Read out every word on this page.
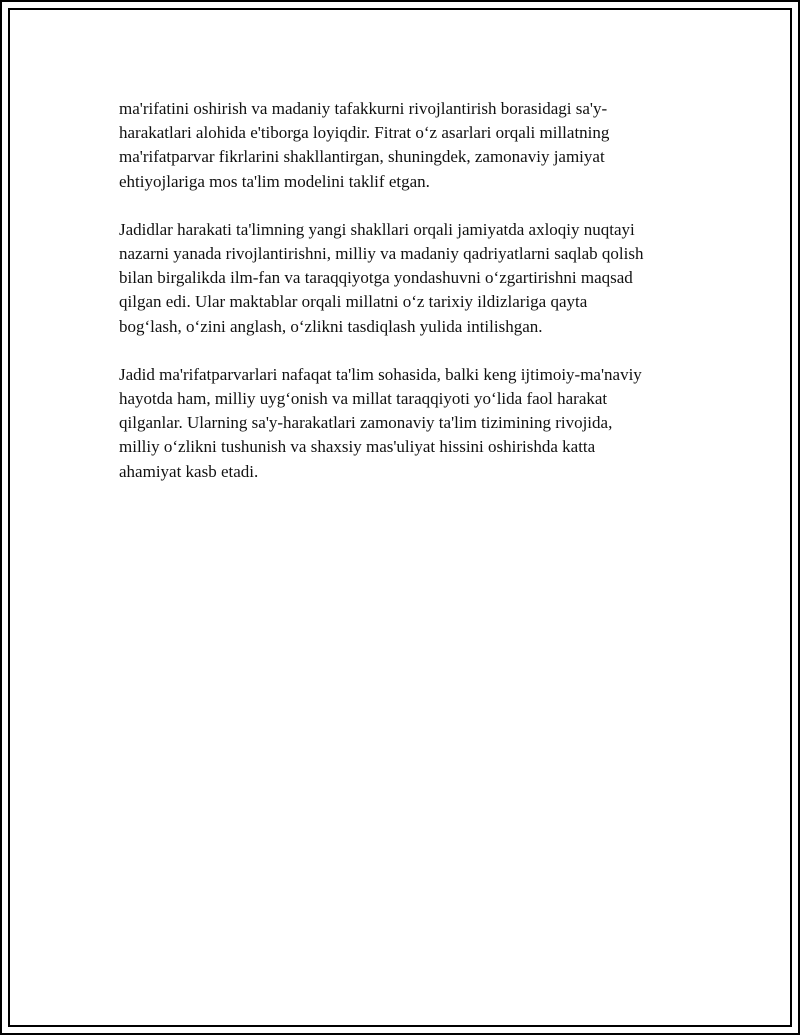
ma'rifatini oshirish va madaniy tafakkurni rivojlantirish borasidagi sa'y-
harakatlari alohida e'tiborga loyiqdir. Fitrat o‘z asarlari orqali millatning
ma'rifatparvar fikrlarini shakllantirgan, shuningdek, zamonaviy jamiyat
ehtiyojlariga mos ta'lim modelini taklif etgan.

Jadidlar harakati ta'limning yangi shakllari orqali jamiyatda axloqiy nuqtayi
nazarni yanada rivojlantirishni, milliy va madaniy qadriyatlarni saqlab qolish
bilan birgalikda ilm-fan va taraqqiyotga yondashuvni o‘zgartirishni maqsad
qilgan edi. Ular maktablar orqali millatni o‘z tarixiy ildizlariga qayta
bog‘lash, o‘zini anglash, o‘zlikni tasdiqlash yulida intilishgan.

Jadid ma'rifatparvarlari nafaqat ta'lim sohasida, balki keng ijtimoiy-ma'naviy
hayotda ham, milliy uyg‘onish va millat taraqqiyoti yo‘lida faol harakat
qilganlar. Ularning sa'y-harakatlari zamonaviy ta'lim tizimining rivojida,
milliy o‘zlikni tushunish va shaxsiy mas'uliyat hissini oshirishda katta
ahamiyat kasb etadi.
